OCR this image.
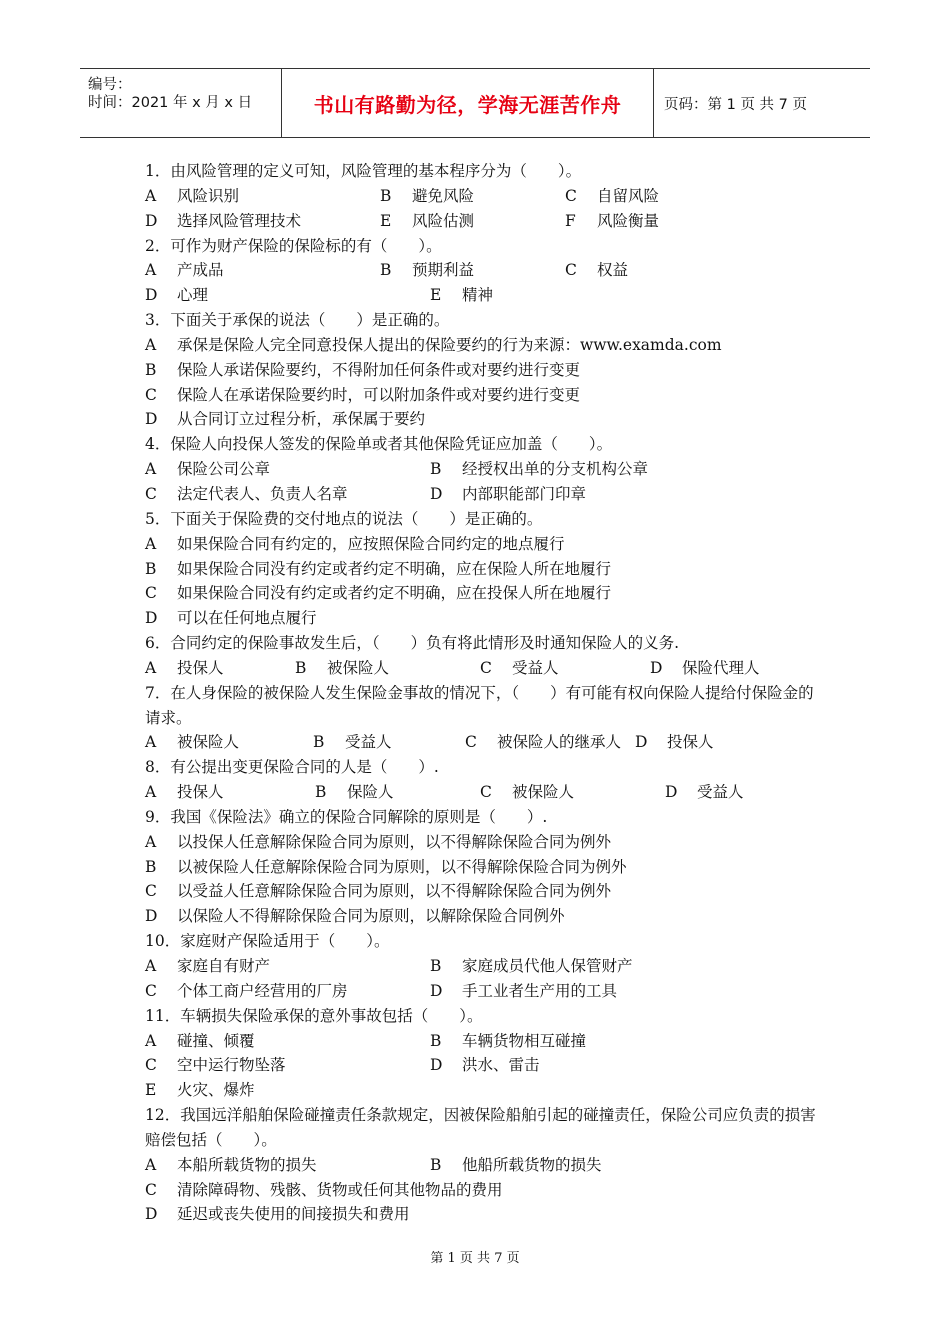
编号：
时间：2021 年 x 月 x 日	书山有路勤为径，学海无涯苦作舟	页码：第 1 页 共 7 页
1．由风险管理的定义可知，风险管理的基本程序分为（　　）。
A 风险识别	B 避免风险	C 自留风险
D 选择风险管理技术	E 风险估测	F 风险衡量
2．可作为财产保险的保险标的有（　　）。
A 产成品	B 预期利益	C 权益
D 心理	E 精神
3．下面关于承保的说法（　　）是正确的。
A 承保是保险人完全同意投保人提出的保险要约的行为来源：www.examda.com
B 保险人承诺保险要约，不得附加任何条件或对要约进行变更
C 保险人在承诺保险要约时，可以附加条件或对要约进行变更
D 从合同订立过程分析，承保属于要约
4．保险人向投保人签发的保险单或者其他保险凭证应加盖（　　）。
A 保险公司公章	B 经授权出单的分支机构公章
C 法定代表人、负责人名章	D 内部职能部门印章
5．下面关于保险费的交付地点的说法（　　）是正确的。
A 如果保险合同有约定的，应按照保险合同约定的地点履行
B 如果保险合同没有约定或者约定不明确，应在保险人所在地履行
C 如果保险合同没有约定或者约定不明确，应在投保人所在地履行
D 可以在任何地点履行
6．合同约定的保险事故发生后，（　　）负有将此情形及时通知保险人的义务.
A 投保人	B 被保险人	C 受益人	D 保险代理人
7．在人身保险的被保险人发生保险金事故的情况下，（　　）有可能有权向保险人提给付保险金的请求。
A 被保险人	B 受益人	C 被保险人的继承人 D 投保人
8．有公提出变更保险合同的人是（　　）.
A 投保人	B 保险人	C 被保险人	D 受益人
9．我国《保险法》确立的保险合同解除的原则是（　　）.
A 以投保人任意解除保险合同为原则，以不得解除保险合同为例外
B 以被保险人任意解除保险合同为原则，以不得解除保险合同为例外
C 以受益人任意解除保险合同为原则，以不得解除保险合同为例外
D 以保险人不得解除保险合同为原则，以解除保险合同例外
10．家庭财产保险适用于（　　）。
A 家庭自有财产	B 家庭成员代他人保管财产
C 个体工商户经营用的厂房	D 手工业者生产用的工具
11．车辆损失保险承保的意外事故包括（　　）。
A 碰撞、倾覆	B 车辆货物相互碰撞
C 空中运行物坠落	D 洪水、雷击
E 火灾、爆炸
12．我国远洋船舶保险碰撞责任条款规定，因被保险船舶引起的碰撞责任，保险公司应负责的损害赔偿包括（　　）。
A 本船所载货物的损失	B 他船所载货物的损失
C 清除障碍物、残骸、货物或任何其他物品的费用
D 延迟或丧失使用的间接损失和费用
第 1 页 共 7 页
